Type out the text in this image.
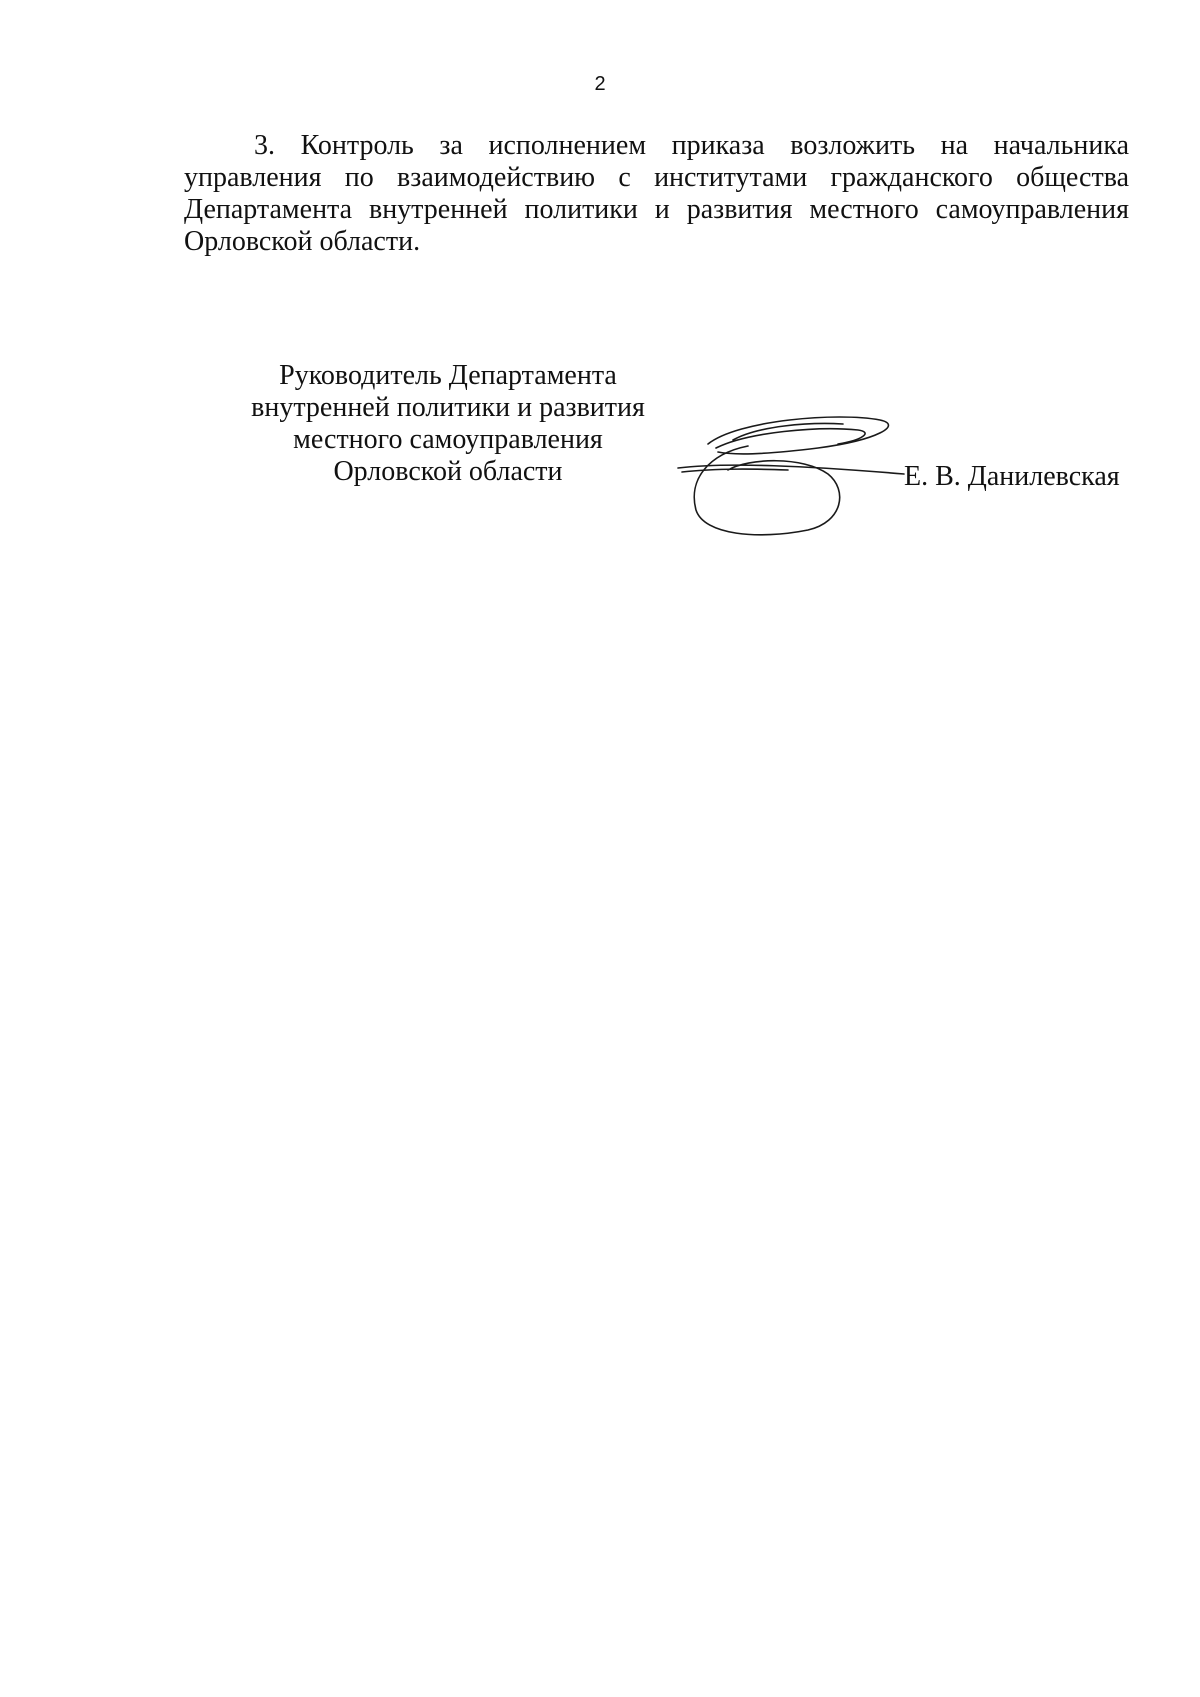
2

3. Контроль за исполнением приказа возложить на начальника управления по взаимодействию с институтами гражданского общества Департамента внутренней политики и развития местного самоуправления Орловской области.

Руководитель Департамента
внутренней политики и развития
местного самоуправления
Орловской области	Е. В. Данилевская
